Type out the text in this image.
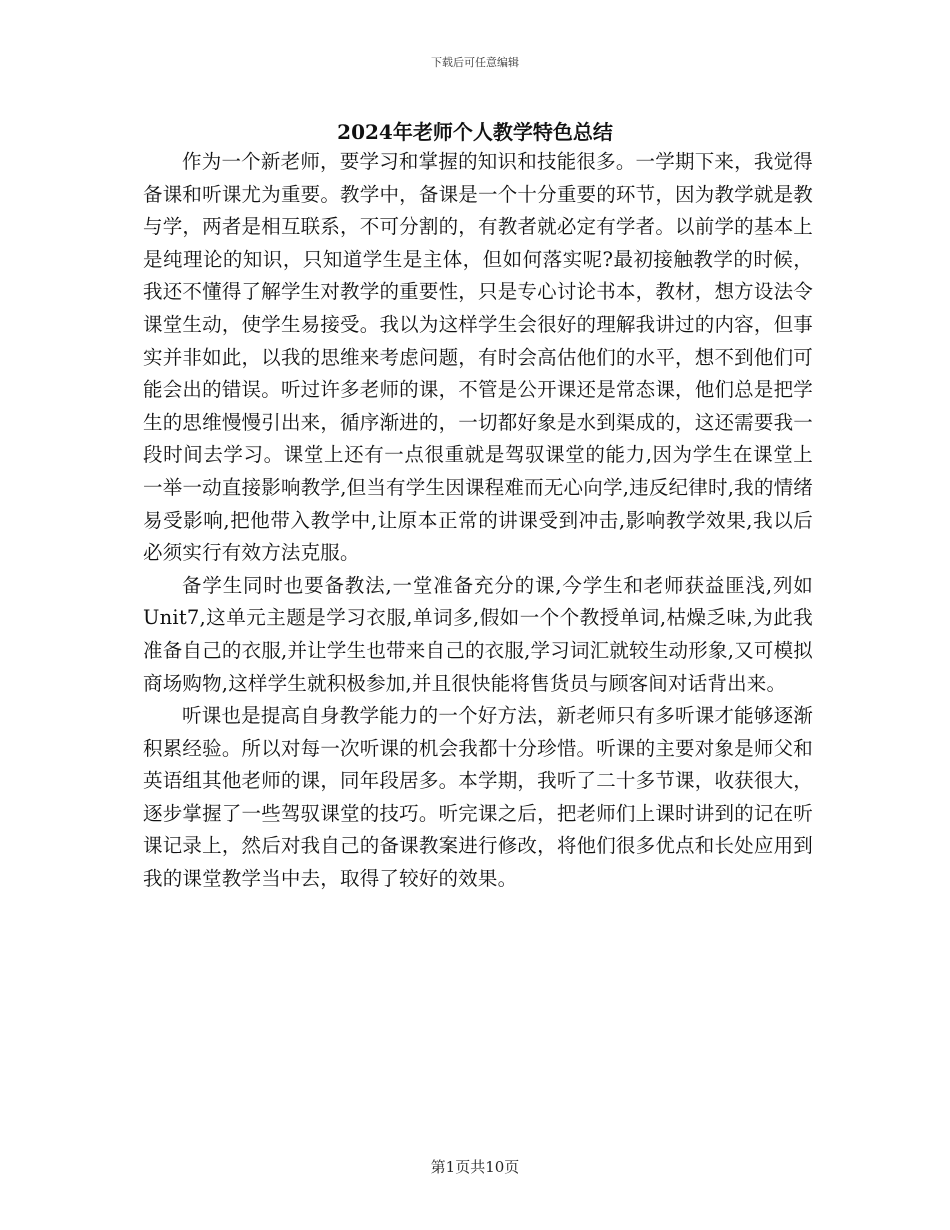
下载后可任意编辑
2024年老师个人教学特色总结

作为一个新老师，要学习和掌握的知识和技能很多。一学期下来，我觉得备课和听课尤为重要。教学中，备课是一个十分重要的环节，因为教学就是教与学，两者是相互联系，不可分割的，有教者就必定有学者。以前学的基本上是纯理论的知识，只知道学生是主体，但如何落实呢?最初接触教学的时候，我还不懂得了解学生对教学的重要性，只是专心讨论书本，教材，想方设法令课堂生动，使学生易接受。我以为这样学生会很好的理解我讲过的内容，但事实并非如此，以我的思维来考虑问题，有时会高估他们的水平，想不到他们可能会出的错误。听过许多老师的课，不管是公开课还是常态课，他们总是把学生的思维慢慢引出来，循序渐进的，一切都好象是水到渠成的，这还需要我一段时间去学习。课堂上还有一点很重就是驾驭课堂的能力,因为学生在课堂上一举一动直接影响教学,但当有学生因课程难而无心向学,违反纪律时,我的情绪易受影响,把他带入教学中,让原本正常的讲课受到冲击,影响教学效果,我以后必须实行有效方法克服。

备学生同时也要备教法,一堂准备充分的课,今学生和老师获益匪浅,列如Unit7,这单元主题是学习衣服,单词多,假如一个个教授单词,枯燥乏味,为此我准备自己的衣服,并让学生也带来自己的衣服,学习词汇就较生动形象,又可模拟商场购物,这样学生就积极参加,并且很快能将售货员与顾客间对话背出来。

听课也是提高自身教学能力的一个好方法，新老师只有多听课才能够逐渐积累经验。所以对每一次听课的机会我都十分珍惜。听课的主要对象是师父和英语组其他老师的课，同年段居多。本学期，我听了二十多节课，收获很大，逐步掌握了一些驾驭课堂的技巧。听完课之后，把老师们上课时讲到的记在听课记录上，然后对我自己的备课教案进行修改，将他们很多优点和长处应用到我的课堂教学当中去，取得了较好的效果。

第1页共10页
